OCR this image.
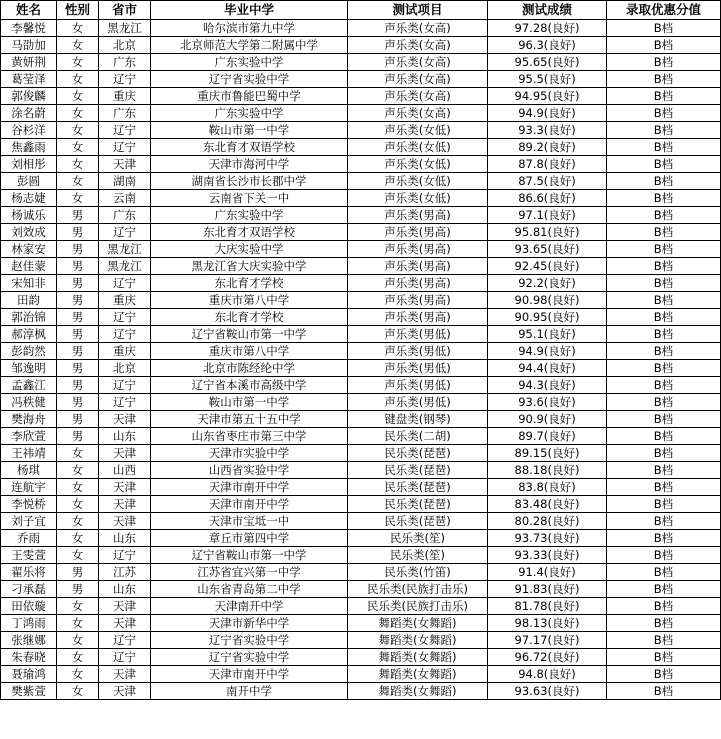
姓名	性别	省市	毕业中学	测试项目	测试成绩	录取优惠分值
李馨悦	女	黑龙江	哈尔滨市第九中学	声乐类(女高)	97.28(良好)	B档
马劭加	女	北京	北京师范大学第二附属中学	声乐类(女高)	96.3(良好)	B档
黄妍荆	女	广东	广东实验中学	声乐类(女高)	95.65(良好)	B档
葛莹泽	女	辽宁	辽宁省实验中学	声乐类(女高)	95.5(良好)	B档
郭俊麟	女	重庆	重庆市鲁能巴蜀中学	声乐类(女高)	94.95(良好)	B档
涂名蔚	女	广东	广东实验中学	声乐类(女高)	94.9(良好)	B档
谷杉洋	女	辽宁	鞍山市第一中学	声乐类(女低)	93.3(良好)	B档
焦鑫雨	女	辽宁	东北育才双语学校	声乐类(女低)	89.2(良好)	B档
刘相彤	女	天津	天津市海河中学	声乐类(女低)	87.8(良好)	B档
彭圆	女	湖南	湖南省长沙市长郡中学	声乐类(女低)	87.5(良好)	B档
杨志婕	女	云南	云南省下关一中	声乐类(女低)	86.6(良好)	B档
杨诚乐	男	广东	广东实验中学	声乐类(男高)	97.1(良好)	B档
刘效成	男	辽宁	东北育才双语学校	声乐类(男高)	95.81(良好)	B档
林家安	男	黑龙江	大庆实验中学	声乐类(男高)	93.65(良好)	B档
赵佳蒙	男	黑龙江	黑龙江省大庆实验中学	声乐类(男高)	92.45(良好)	B档
宋知非	男	辽宁	东北育才学校	声乐类(男高)	92.2(良好)	B档
田韵	男	重庆	重庆市第八中学	声乐类(男高)	90.98(良好)	B档
郭治锦	男	辽宁	东北育才学校	声乐类(男高)	90.95(良好)	B档
郝淳枫	男	辽宁	辽宁省鞍山市第一中学	声乐类(男低)	95.1(良好)	B档
彭韵然	男	重庆	重庆市第八中学	声乐类(男低)	94.9(良好)	B档
邹逸明	男	北京	北京市陈经纶中学	声乐类(男低)	94.4(良好)	B档
孟鑫江	男	辽宁	辽宁省本溪市高级中学	声乐类(男低)	94.3(良好)	B档
冯秩健	男	辽宁	鞍山市第一中学	声乐类(男低)	93.6(良好)	B档
樊海舟	男	天津	天津市第五十五中学	键盘类(钢琴)	90.9(良好)	B档
李欣萱	男	山东	山东省枣庄市第三中学	民乐类(二胡)	89.7(良好)	B档
王祎靖	女	天津	天津市实验中学	民乐类(琵琶)	89.15(良好)	B档
杨琪	女	山西	山西省实验中学	民乐类(琵琶)	88.18(良好)	B档
连航宇	女	天津	天津市南开中学	民乐类(琵琶)	83.8(良好)	B档
李悦桥	女	天津	天津市南开中学	民乐类(琵琶)	83.48(良好)	B档
刘子宜	女	天津	天津市宝坻一中	民乐类(琵琶)	80.28(良好)	B档
乔雨	女	山东	章丘市第四中学	民乐类(笙)	93.73(良好)	B档
王雯萱	女	辽宁	辽宁省鞍山市第一中学	民乐类(笙)	93.33(良好)	B档
翟乐将	男	江苏	江苏省宜兴第一中学	民乐类(竹笛)	91.4(良好)	B档
刁承磊	男	山东	山东省青岛第二中学	民乐类(民族打击乐)	91.83(良好)	B档
田依璇	女	天津	天津南开中学	民乐类(民族打击乐)	81.78(良好)	B档
丁鸿雨	女	天津	天津市新华中学	舞蹈类(女舞蹈)	98.13(良好)	B档
张继娜	女	辽宁	辽宁省实验中学	舞蹈类(女舞蹈)	97.17(良好)	B档
朱春晓	女	辽宁	辽宁省实验中学	舞蹈类(女舞蹈)	96.72(良好)	B档
聂瑜鸿	女	天津	天津市南开中学	舞蹈类(女舞蹈)	94.8(良好)	B档
樊紫萱	女	天津	南开中学	舞蹈类(女舞蹈)	93.63(良好)	B档
